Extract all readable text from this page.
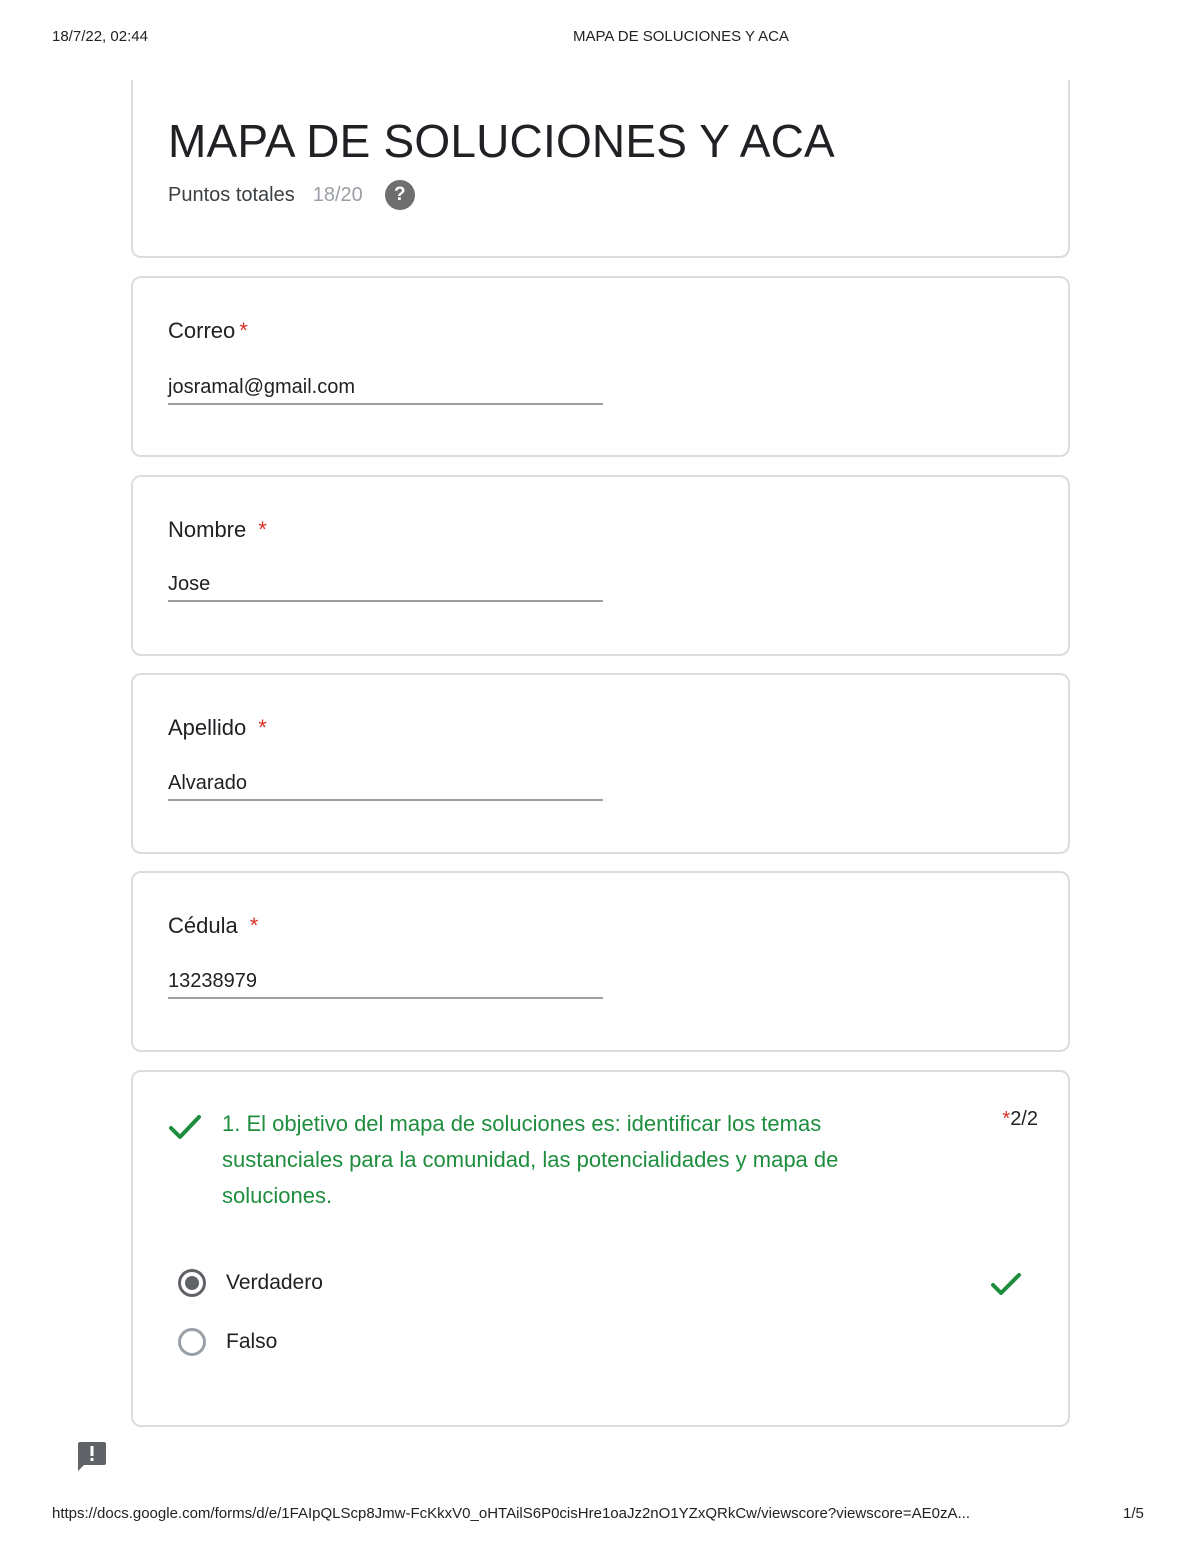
18/7/22, 02:44	MAPA DE SOLUCIONES Y ACA
MAPA DE SOLUCIONES Y ACA
Puntos totales 18/20	?
Correo *
josramal@gmail.com
Nombre *
Jose
Apellido *
Alvarado
Cédula *
13238979
1. El objetivo del mapa de soluciones es: identificar los temas sustanciales para la comunidad, las potencialidades y mapa de soluciones.
*2/2
Verdadero
Falso
https://docs.google.com/forms/d/e/1FAIpQLScp8Jmw-FcKkxV0_oHTAilS6P0cisHre1oaJz2nO1YZxQRkCw/viewscore?viewscore=AE0zA...	1/5
